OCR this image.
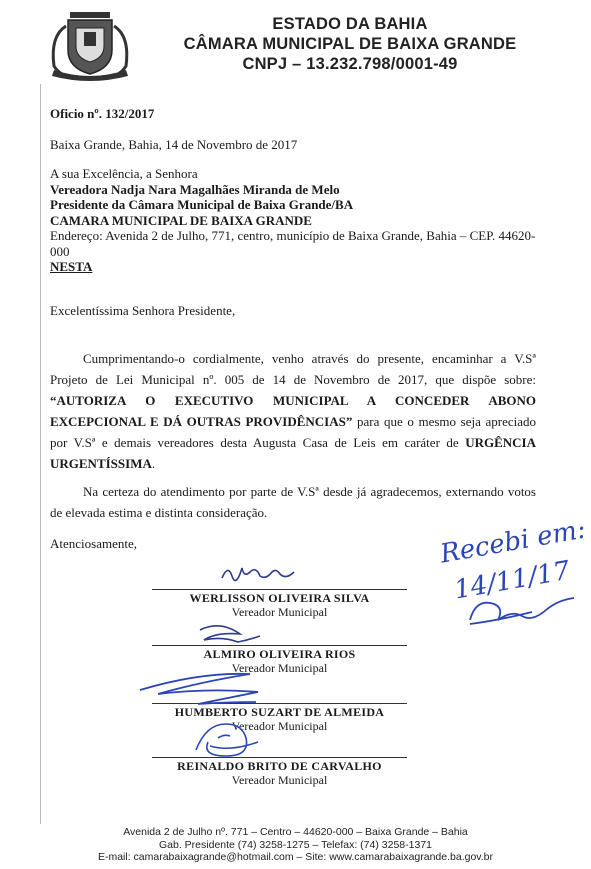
ESTADO DA BAHIA
CÂMARA MUNICIPAL DE BAIXA GRANDE
CNPJ – 13.232.798/0001-49
Oficio nº. 132/2017
Baixa Grande, Bahia, 14 de Novembro de 2017
A sua Excelência, a Senhora
Vereadora Nadja Nara Magalhães Miranda de Melo
Presidente da Câmara Municipal de Baixa Grande/BA
CAMARA MUNICIPAL DE BAIXA GRANDE
Endereço: Avenida 2 de Julho, 771, centro, município de Baixa Grande, Bahia – CEP. 44620-000
NESTA
Excelentíssima Senhora Presidente,

Cumprimentando-o cordialmente, venho através do presente, encaminhar a V.Sª Projeto de Lei Municipal nº. 005 de 14 de Novembro de 2017, que dispõe sobre: “AUTORIZA O EXECUTIVO MUNICIPAL A CONCEDER ABONO EXCEPCIONAL E DÁ OUTRAS PROVIDÊNCIAS” para que o mesmo seja apreciado por V.Sª e demais vereadores desta Augusta Casa de Leis em caráter de URGÊNCIA URGENTÍSSIMA.

Na certeza do atendimento por parte de V.Sª desde já agradecemos, externando votos de elevada estima e distinta consideração.

Atenciosamente,
WERLISSON OLIVEIRA SILVA
Vereador Municipal
ALMIRO OLIVEIRA RIOS
Vereador Municipal
HUMBERTO SUZART DE ALMEIDA
Vereador Municipal
REINALDO BRITO DE CARVALHO
Vereador Municipal
Recebi em:
14/11/17
Avenida 2 de Julho nº. 771 – Centro – 44620-000 – Baixa Grande – Bahia
Gab. Presidente (74) 3258-1275 – Telefax: (74) 3258-1371
E-mail: camarabaixagrande@hotmail.com – Site: www.camarabaixagrande.ba.gov.br
